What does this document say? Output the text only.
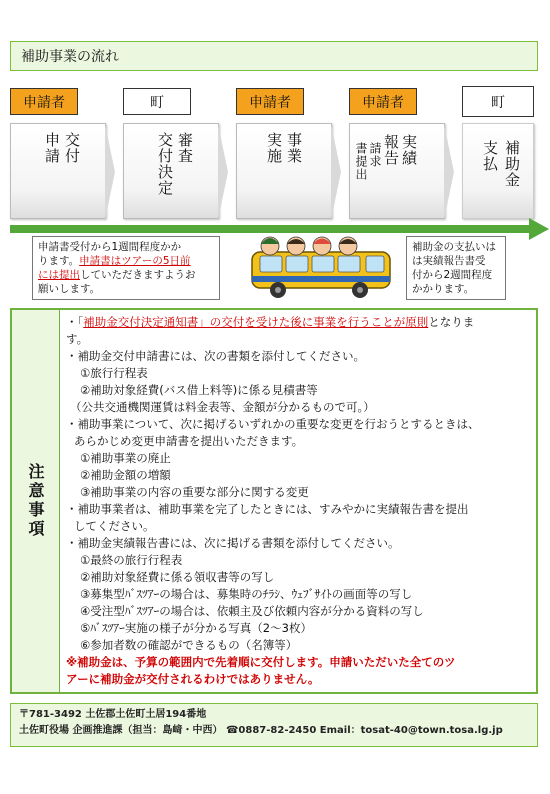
補助事業の流れ
申請者	町	申請者	申請者	町
交付
申請	審査
交付決定	事業
実施	実績
報告
請求
書提出	補助金
支払
申請書受付から1週間程度かか
ります。申請書はツアーの5日前
には提出していただきますようお
願いします。
補助金の支払いは
は実績報告書受
付から2週間程度
かかります。
注意事項
・「補助金交付決定通知書」の交付を受けた後に事業を行うことが原則となりま
す。
・補助金交付申請書には、次の書類を添付してください。
①旅行行程表
②補助対象経費(バス借上料等)に係る見積書等
（公共交通機関運賃は料金表等、金額が分かるもので可。）
・補助事業について、次に掲げるいずれかの重要な変更を行おうとするときは、
あらかじめ変更申請書を提出いただきます。
①補助事業の廃止
②補助金額の増額
③補助事業の内容の重要な部分に関する変更
・補助事業者は、補助事業を完了したときには、すみやかに実績報告書を提出
してください。
・補助金実績報告書には、次に掲げる書類を添付してください。
①最終の旅行行程表
②補助対象経費に係る領収書等の写し
③募集型ﾊﾞｽﾂｱｰの場合は、募集時のﾁﾗｼ、ｳｪﾌﾞｻｲﾄの画面等の写し
④受注型ﾊﾞｽﾂｱｰの場合は、依頼主及び依頼内容が分かる資料の写し
⑤ﾊﾞｽﾂｱｰ実施の様子が分かる写真（2～3枚）
⑥参加者数の確認ができるもの（名簿等）
※補助金は、予算の範囲内で先着順に交付します。申請いただいた全てのツ
アーに補助金が交付されるわけではありません。
〒781-3492 土佐郡土佐町土居194番地
土佐町役場 企画推進課（担当：島﨑・中西） ☎0887-82-2450 Email：tosat-40@town.tosa.lg.jp
